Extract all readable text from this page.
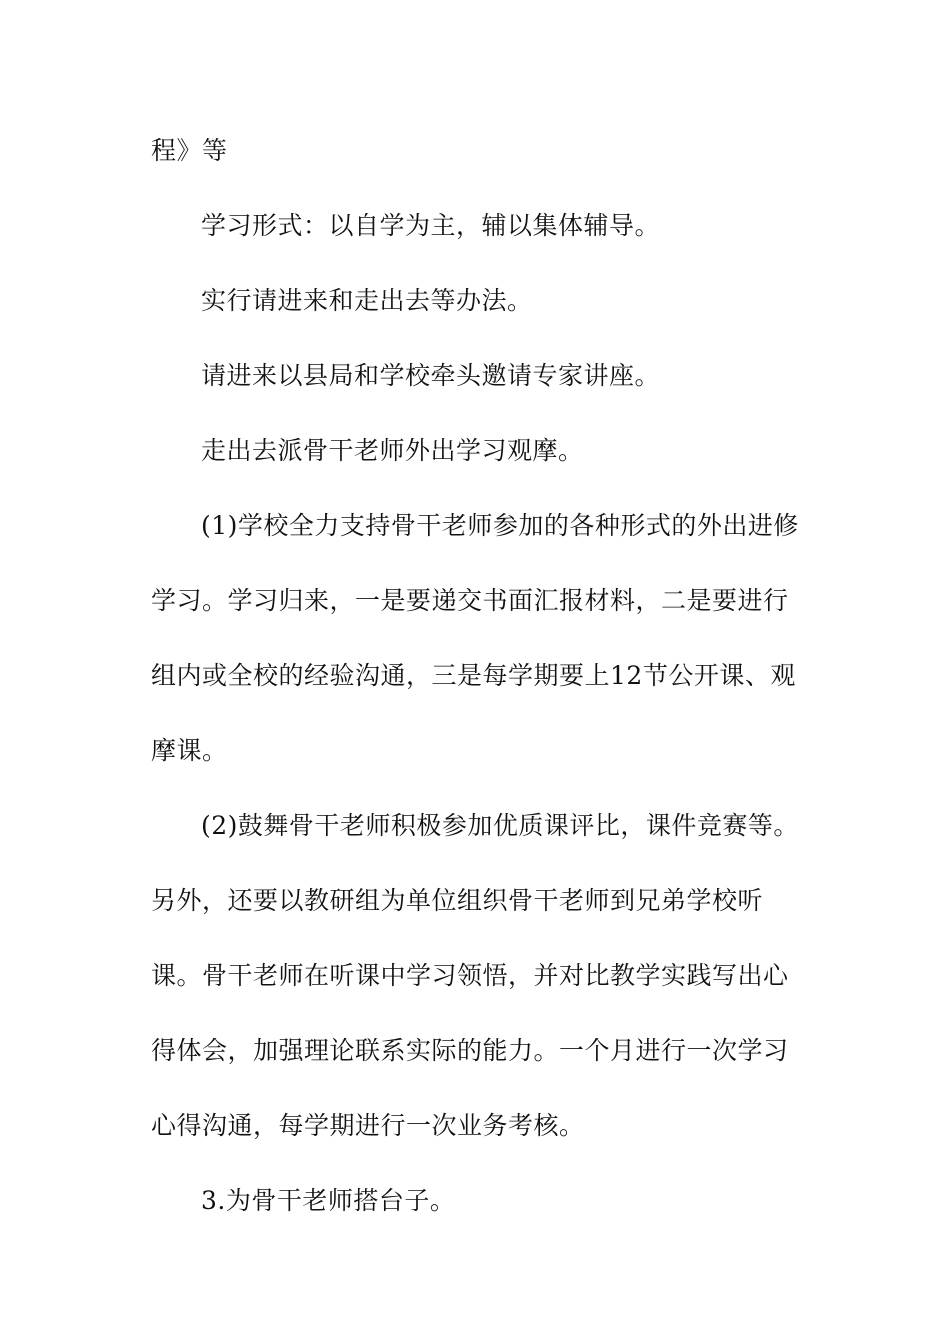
程》等
学习形式：以自学为主，辅以集体辅导。
实行请进来和走出去等办法。
请进来以县局和学校牵头邀请专家讲座。
走出去派骨干老师外出学习观摩。
(1)学校全力支持骨干老师参加的各种形式的外出进修
学习。学习归来，一是要递交书面汇报材料，二是要进行
组内或全校的经验沟通，三是每学期要上12节公开课、观
摩课。
(2)鼓舞骨干老师积极参加优质课评比，课件竞赛等。
另外，还要以教研组为单位组织骨干老师到兄弟学校听
课。骨干老师在听课中学习领悟，并对比教学实践写出心
得体会，加强理论联系实际的能力。一个月进行一次学习
心得沟通，每学期进行一次业务考核。
3.为骨干老师搭台子。
